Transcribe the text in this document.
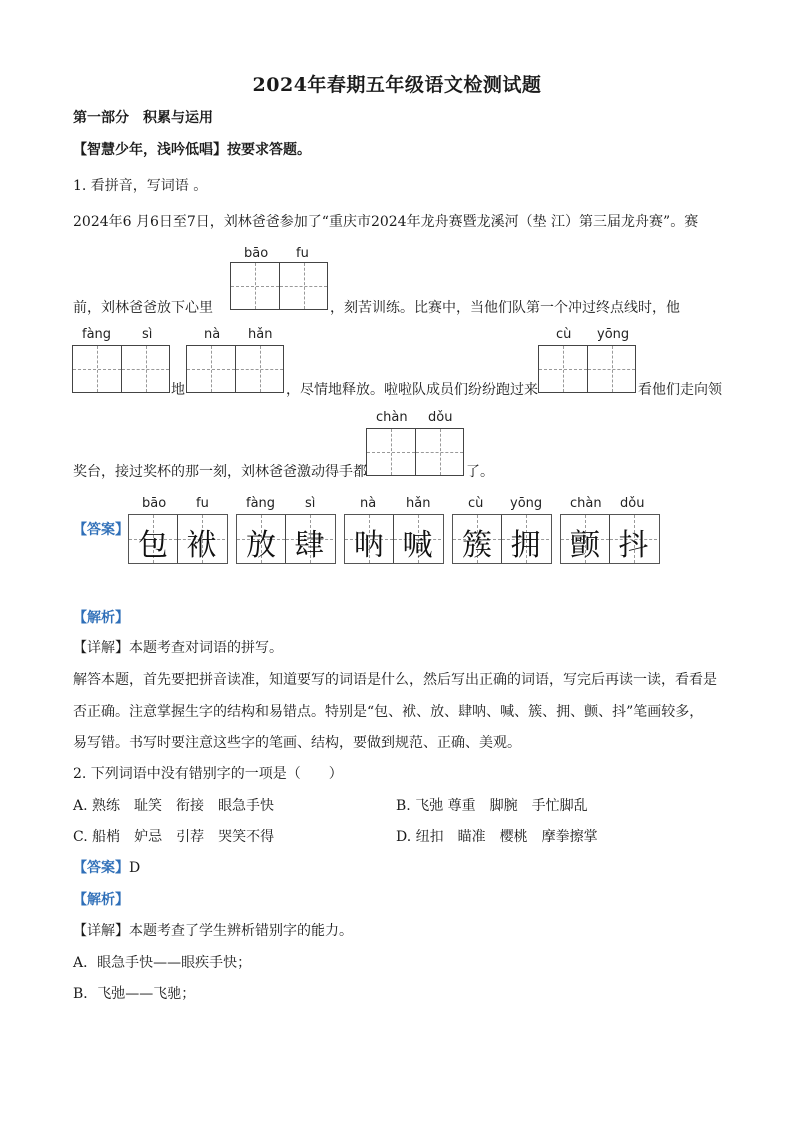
2024年春期五年级语文检测试题
第一部分　积累与运用
【智慧少年，浅吟低唱】按要求答题。
1. 看拼音，写词语 。
2024年6 月6日至7日，刘林爸爸参加了“重庆市2024年龙舟赛暨龙溪河（垫 江）第三届龙舟赛”。赛
bāo fu
前，刘林爸爸放下心里	，刻苦训练。比赛中，当他们队第一个冲过终点线时，他
fàng sì	nà hǎn	cù yōng
地	，尽情地释放。啦啦队成员们纷纷跑过来	看他们走向领
chàn dǒu
奖台，接过奖杯的那一刻，刘林爸爸激动得手都	了。
【答案】
bāo fu
包 袱
fàng sì
放 肆
nà hǎn
呐 喊
cù yōng
簇 拥
chàn dǒu
颤 抖
【解析】
【详解】本题考查对词语的拼写。
解答本题，首先要把拼音读准，知道要写的词语是什么，然后写出正确的词语，写完后再读一读，看看是
否正确。注意掌握生字的结构和易错点。特别是“包、袱、放、肆呐、喊、簇、拥、颤、抖”笔画较多，
易写错。书写时要注意这些字的笔画、结构，要做到规范、正确、美观。
2. 下列词语中没有错别字的一项是（　　）
A. 熟练　耻笑　衔接　眼急手快	B. 飞弛 尊重　脚腕　手忙脚乱
C. 船梢　妒忌　引荐　哭笑不得	D. 纽扣　瞄准　樱桃　摩拳擦掌
【答案】D
【解析】
【详解】本题考查了学生辨析错别字的能力。
A．眼急手快——眼疾手快；
B．飞弛——飞驰；
